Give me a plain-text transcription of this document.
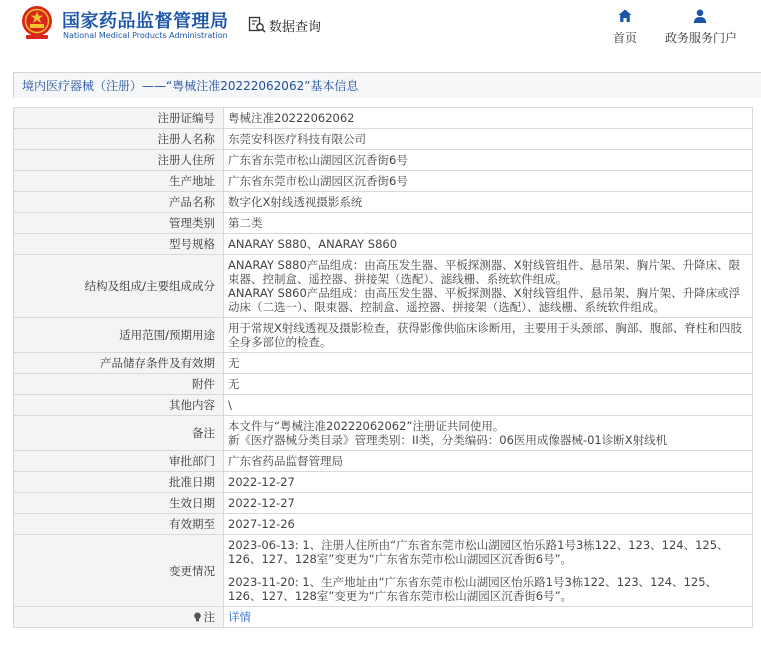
国家药品监督管理局
National Medical Products Administration
数据查询
首页	政务服务门户
境内医疗器械（注册） —— “粤械注准20222062062”基本信息
注册证编号	粤械注准20222062062
注册人名称	东莞安科医疗科技有限公司
注册人住所	广东省东莞市松山湖园区沉香街6号
生产地址	广东省东莞市松山湖园区沉香街6号
产品名称	数字化X射线透视摄影系统
管理类别	第二类
型号规格	ANARAY S880、ANARAY S860
结构及组成/主要组成成分	ANARAY S880产品组成：由高压发生器、平板探测器、X射线管组件、悬吊架、胸片架、升降床、限束器、控制盒、遥控器、拼接架（选配）、滤线栅、系统软件组成。
ANARAY S860产品组成：由高压发生器、平板探测器、X射线管组件、悬吊架、胸片架、升降床或浮动床（二选一）、限束器、控制盒、遥控器、拼接架（选配）、滤线栅、系统软件组成。

适用范围/预期用途	用于常规X射线透视及摄影检查，获得影像供临床诊断用，主要用于头颈部、胸部、腹部、脊柱和四肢全身多部位的检查。
产品储存条件及有效期	无
附件	无
其他内容	\
备注	本文件与“粤械注准20222062062”注册证共同使用。
新《医疗器械分类目录》管理类别：II类，分类编码：06医用成像器械-01诊断X射线机

审批部门	广东省药品监督管理局
批准日期	2022-12-27
生效日期	2022-12-27
有效期至	2027-12-26
变更情况	2023-06-13: 1、注册人住所由“广东省东莞市松山湖园区怡乐路1号3栋122、123、124、125、126、127、128室”变更为“广东省东莞市松山湖园区沉香街6号”。
2023-11-20: 1、生产地址由“广东省东莞市松山湖园区怡乐路1号3栋122、123、124、125、126、127、128室”变更为“广东省东莞市松山湖园区沉香街6号”。

注	详情
